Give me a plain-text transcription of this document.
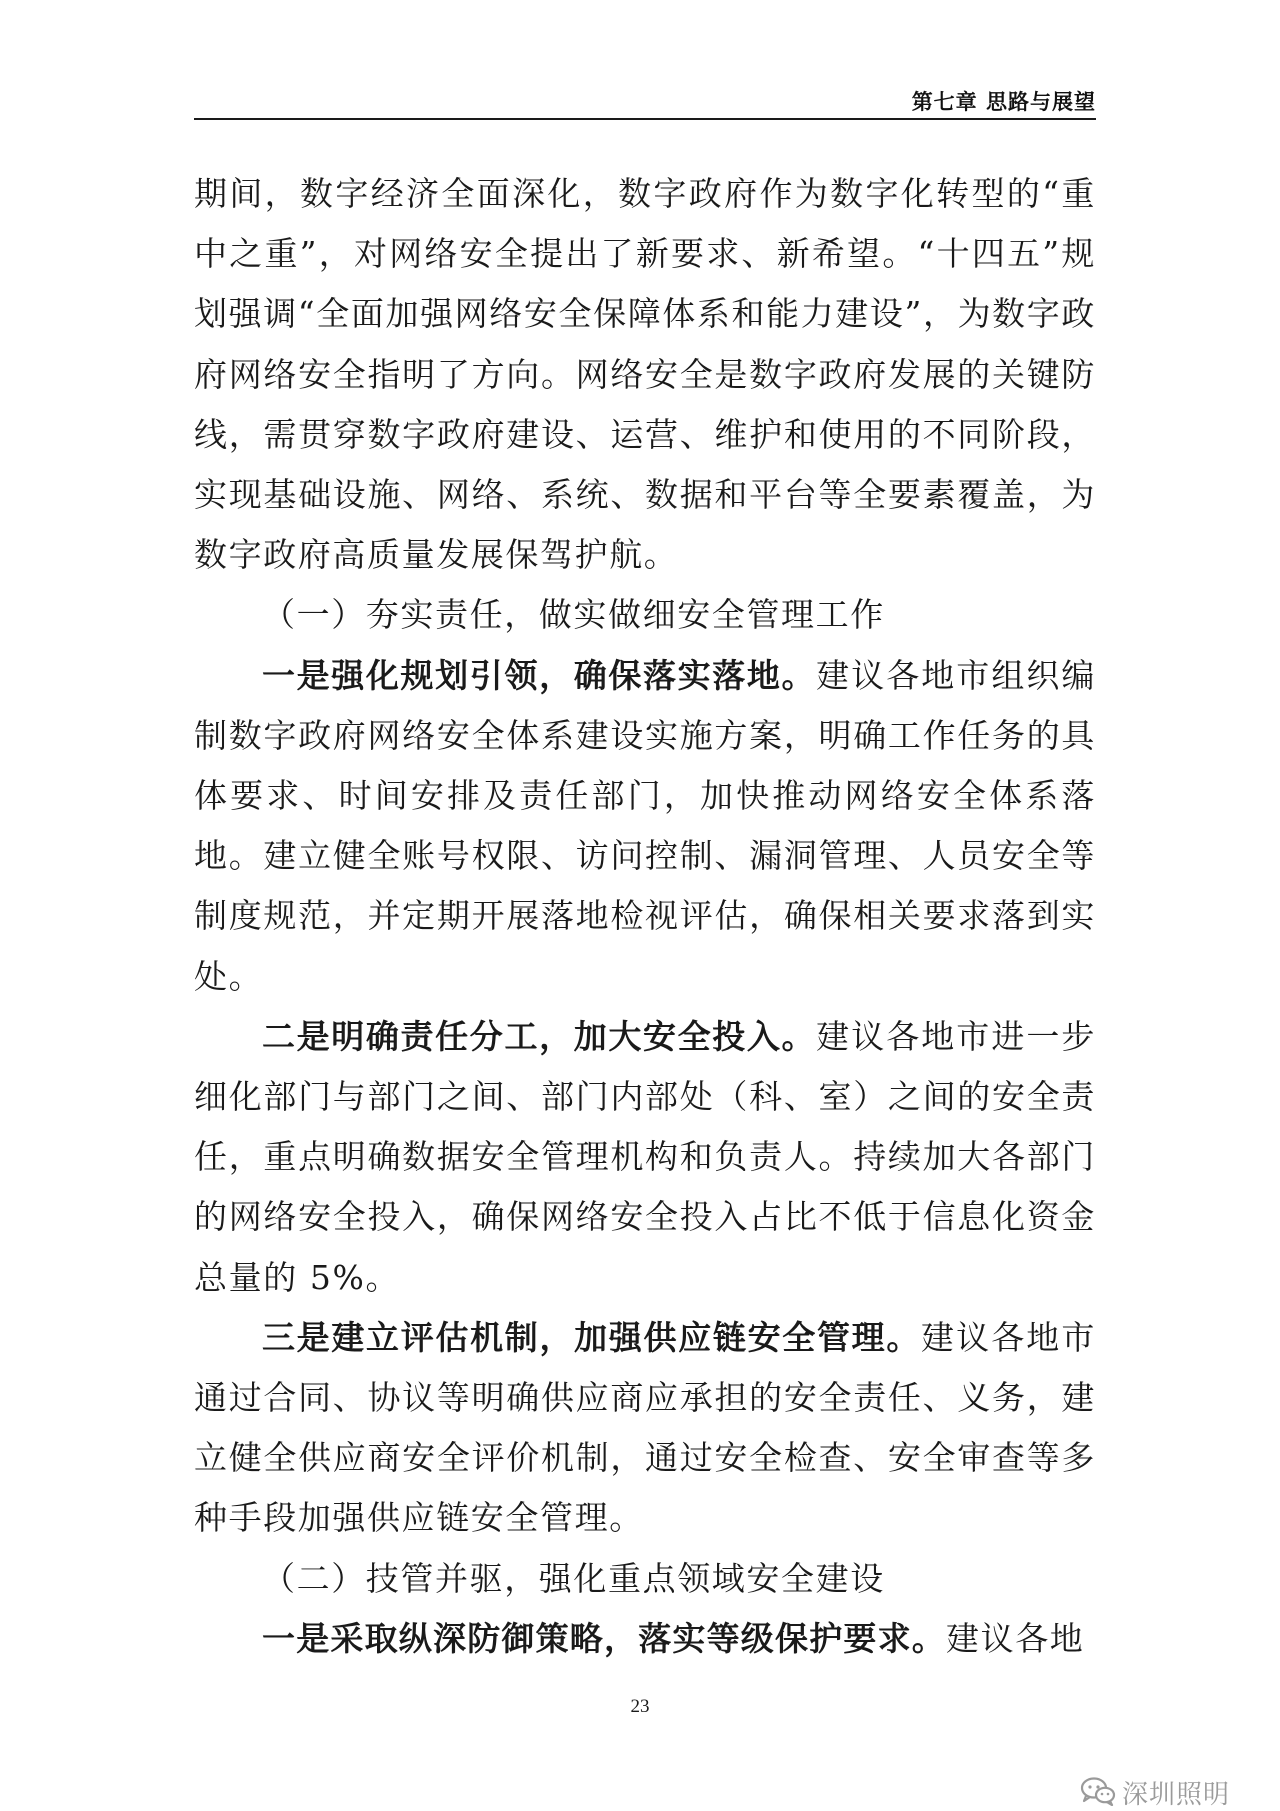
第七章 思路与展望

期间，数字经济全面深化，数字政府作为数字化转型的“重中之重”，对网络安全提出了新要求、新希望。“十四五”规划强调“全面加强网络安全保障体系和能力建设”，为数字政府网络安全指明了方向。网络安全是数字政府发展的关键防线，需贯穿数字政府建设、运营、维护和使用的不同阶段，实现基础设施、网络、系统、数据和平台等全要素覆盖，为数字政府高质量发展保驾护航。

（一）夯实责任，做实做细安全管理工作

一是强化规划引领，确保落实落地。建议各地市组织编制数字政府网络安全体系建设实施方案，明确工作任务的具体要求、时间安排及责任部门，加快推动网络安全体系落地。建立健全账号权限、访问控制、漏洞管理、人员安全等制度规范，并定期开展落地检视评估，确保相关要求落到实处。

二是明确责任分工，加大安全投入。建议各地市进一步细化部门与部门之间、部门内部处（科、室）之间的安全责任，重点明确数据安全管理机构和负责人。持续加大各部门的网络安全投入，确保网络安全投入占比不低于信息化资金总量的 5%。

三是建立评估机制，加强供应链安全管理。建议各地市通过合同、协议等明确供应商应承担的安全责任、义务，建立健全供应商安全评价机制，通过安全检查、安全审查等多种手段加强供应链安全管理。

（二）技管并驱，强化重点领域安全建设

一是采取纵深防御策略，落实等级保护要求。建议各地

23
深圳照明
